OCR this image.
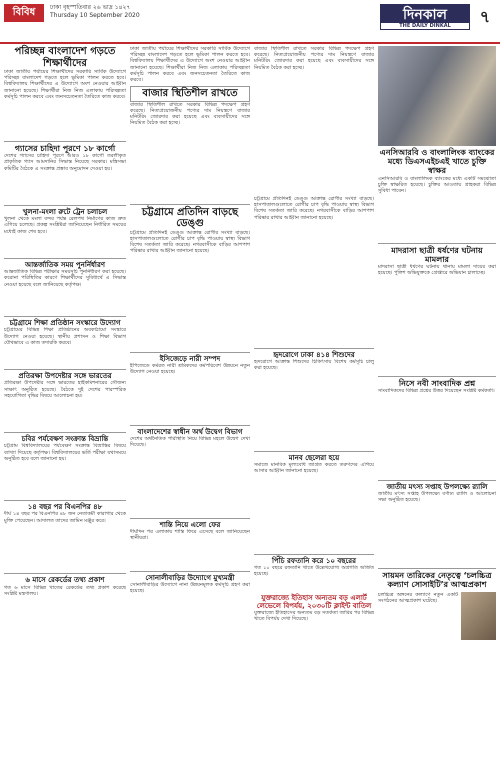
বিবিধ	ঢাকা বৃহস্পতিবার ২৬ ভাদ্র ১৪২৭
Thursday 10 September 2020	দিনকাল
THE DAILY DINKAL	৭
পরিচ্ছন্ন বাংলাদেশ গড়তে শিক্ষার্থীদের
ঢাকা জাতীয় পর্যায়ের শিক্ষার্থীদের সরকারি সার্বিক উদ্যোগে পরিচ্ছন্ন বাংলাদেশ গড়তে হলে ভূমিকা পালন করতে হবে। বিশ্ববিদ্যালয় শিক্ষার্থীদের এ উদ্যোগে অংশ নেওয়ার আহ্বান জানানো হয়েছে। শিক্ষার্থীরা নিজ নিজ এলাকায় পরিচ্ছন্নতা কর্মসূচি পালন করবে এবং জনসচেতনতা তৈরিতে কাজ করবে।
গ্যাসের চাহিদা পূরণে ১৮ কার্গো
দেশের গ্যাসের চাহিদা পূরণে আরও ১৮ কার্গো তরলীকৃত প্রাকৃতিক গ্যাস আমদানির সিদ্ধান্ত নিয়েছে সরকার। মন্ত্রিসভা কমিটির বৈঠকে এ সংক্রান্ত প্রস্তাব অনুমোদন দেওয়া হয়।
খুলনা-মংলা রুটে ট্রেন চলাচল
খুলনা থেকে মংলা বন্দর পর্যন্ত রেলপথ নির্মাণের কাজ দ্রুত এগিয়ে চলেছে। প্রকল্প সংশ্লিষ্টরা জানিয়েছেন নির্ধারিত সময়ের মধ্যেই কাজ শেষ হবে।
আন্তর্জাতিক সময় পুনর্নির্ধারণ
আন্তর্জাতিক বিভিন্ন পরীক্ষার সময়সূচি পুনর্নির্ধারণ করা হয়েছে। করোনা পরিস্থিতির কারণে শিক্ষার্থীদের সুবিধার্থে এ সিদ্ধান্ত নেওয়া হয়েছে বলে জানিয়েছে কর্তৃপক্ষ।
চট্টগ্রামে শিক্ষা প্রতিষ্ঠান সংস্কারে উদ্যোগ
চট্টগ্রামের বিভিন্ন শিক্ষা প্রতিষ্ঠানের অবকাঠামো সংস্কারে উদ্যোগ নেওয়া হয়েছে। স্থানীয় প্রশাসন ও শিক্ষা বিভাগ যৌথভাবে এ কাজ তদারকি করবে।
প্রতিরক্ষা উপদেষ্টার সঙ্গে ভারতের
প্রতিরক্ষা উপদেষ্টার সঙ্গে ভারতের হাইকমিশনারের সৌজন্য সাক্ষাৎ অনুষ্ঠিত হয়েছে। বৈঠকে দুই দেশের পারস্পরিক সহযোগিতা বৃদ্ধির বিষয়ে আলোচনা হয়।
চবির পর্যবেক্ষণ সংক্রান্ত বিভ্রান্তি
চট্টগ্রাম বিশ্ববিদ্যালয়ের পর্যবেক্ষণ সংক্রান্ত বিভ্রান্তির বিষয়ে ব্যাখ্যা দিয়েছে কর্তৃপক্ষ। বিশ্ববিদ্যালয়ের ভর্তি পরীক্ষা যথাসময়ে অনুষ্ঠিত হবে বলে জানানো হয়।
১৪ বছর পর বিএনপির ৪৮
দীর্ঘ ১৪ বছর পর বিএনপির ৪৮ জন নেতাকর্মী কারাগার থেকে মুক্তি পেয়েছেন। আদালত তাদের জামিন মঞ্জুর করে।
৬ মাসে রেকর্ডের তথ্য প্রকাশ
গত ৬ মাসে বিভিন্ন খাতের রেকর্ডের তথ্য প্রকাশ করেছে সংশ্লিষ্ট মন্ত্রণালয়।
ঢাকা জাতীয় পর্যায়ের শিক্ষার্থীদের সরকারি সার্বিক উদ্যোগে পরিচ্ছন্ন বাংলাদেশ গড়তে হলে ভূমিকা পালন করতে হবে। বিশ্ববিদ্যালয় শিক্ষার্থীদের এ উদ্যোগে অংশ নেওয়ার আহ্বান জানানো হয়েছে। শিক্ষার্থীরা নিজ নিজ এলাকায় পরিচ্ছন্নতা কর্মসূচি পালন করবে এবং জনসচেতনতা তৈরিতে কাজ করবে।
বাজার স্থিতিশীল রাখতে
বাজার স্থিতিশীল রাখতে সরকার বিভিন্ন পদক্ষেপ গ্রহণ করেছে। নিত্যপ্রয়োজনীয় পণ্যের দাম নিয়ন্ত্রণে বাজার মনিটরিং জোরদার করা হয়েছে এবং ব্যবসায়ীদের সঙ্গে নিয়মিত বৈঠক করা হচ্ছে।
চট্টগ্রামে প্রতিদিন বাড়ছে ডেঙ্গু
চট্টগ্রামে প্রতিদিনই ডেঙ্গু আক্রান্ত রোগীর সংখ্যা বাড়ছে। হাসপাতালগুলোতে রোগীর চাপ বৃদ্ধি পাওয়ায় স্বাস্থ্য বিভাগ বিশেষ সতর্কতা জারি করেছে। নগরবাসীকে বাড়ির আশপাশ পরিষ্কার রাখার আহ্বান জানানো হয়েছে।
ইসিজেড়ে নারী সম্পদ
ইপিজেডে কর্মরত নারী শ্রমিকদের কর্মপরিবেশ উন্নয়নে নতুন উদ্যোগ নেওয়া হয়েছে।
বাংলাদেশের স্বাধীন অর্থ উদ্বেগ বিভাগ
দেশের অর্থনৈতিক পরিস্থিতি নিয়ে বিভিন্ন মহলে উদ্বেগ দেখা দিয়েছে।
শান্তি নিয়ে এলো ফের
দীর্ঘদিন পর এলাকায় শান্তি ফিরে এসেছে বলে জানিয়েছেন স্থানীয়রা।
সোনালীবাড়ির উদ্যোগে মুখ্যমন্ত্রী
সোনালীবাড়ির উদ্যোগে নানা উন্নয়নমূলক কর্মসূচি গ্রহণ করা হয়েছে।
বাজার স্থিতিশীল রাখতে সরকার বিভিন্ন পদক্ষেপ গ্রহণ করেছে। নিত্যপ্রয়োজনীয় পণ্যের দাম নিয়ন্ত্রণে বাজার মনিটরিং জোরদার করা হয়েছে এবং ব্যবসায়ীদের সঙ্গে নিয়মিত বৈঠক করা হচ্ছে।
চট্টগ্রামে প্রতিদিনই ডেঙ্গু আক্রান্ত রোগীর সংখ্যা বাড়ছে। হাসপাতালগুলোতে রোগীর চাপ বৃদ্ধি পাওয়ায় স্বাস্থ্য বিভাগ বিশেষ সতর্কতা জারি করেছে। নগরবাসীকে বাড়ির আশপাশ পরিষ্কার রাখার আহ্বান জানানো হয়েছে।
হৃদরোগে ঢাকা ৪১৪ শিশুদের
হৃদরোগে আক্রান্ত শিশুদের চিকিৎসায় বিশেষ কর্মসূচি চালু করা হয়েছে।
মানব ছেলেরা হয়ে
সমাজে মানবিক মূল্যবোধ জাগ্রত করতে তরুণদের এগিয়ে আসার আহ্বান জানানো হয়েছে।
পিঁচি রফতানি করে ১০ বছরের
গত ১০ বছরে রফতানি খাতে উল্লেখযোগ্য অগ্রগতি অর্জিত হয়েছে।
যুক্তরাজ্যে ইতিহাস অন্যতম বড় এলার্ট লেভেলে বিপর্যয়, ২০৩০টি ক্লাইন্ট বাতিল
যুক্তরাজ্যে ইতিহাসের অন্যতম বড় সতর্কতা জারির পর বিভিন্ন খাতে বিপর্যয় দেখা দিয়েছে।
এনসিআরবি ও বাংলালিংক ব্যাংকের মধ্যে ডিএসএইচএই খাতে চুক্তি স্বাক্ষর
এনসিআরবি ও বাংলালিংক ব্যাংকের মধ্যে একটি সমঝোতা চুক্তি স্বাক্ষরিত হয়েছে। চুক্তির আওতায় গ্রাহকরা বিভিন্ন সুবিধা পাবেন।
মাদরাসা ছাত্রী ধর্ষণের ঘটনায় মামলার
মাদরাসা ছাত্রী ধর্ষণের ঘটনায় থানায় মামলা দায়ের করা হয়েছে। পুলিশ অভিযুক্তকে গ্রেপ্তারে অভিযান চালাচ্ছে।
নিসে নবী সাংবাদিক প্রশ্ন
সাংবাদিকদের বিভিন্ন প্রশ্নের উত্তর দিয়েছেন সংশ্লিষ্ট কর্মকর্তা।
জাতীয় মৎস্য সপ্তাহ উপলক্ষ্যে র‍্যালি
জাতীয় মৎস্য সপ্তাহ উপলক্ষ্যে বর্ণাঢ্য র‍্যালি ও আলোচনা সভা অনুষ্ঠিত হয়েছে।
সায়মন তারিকের নেতৃত্বে ‘চলচ্চিত্র কল্যাণ সোসাইটি’র আত্মপ্রকাশ
চলচ্চিত্র অঙ্গনের কল্যাণে নতুন একটি সংগঠনের আত্মপ্রকাশ ঘটেছে।
